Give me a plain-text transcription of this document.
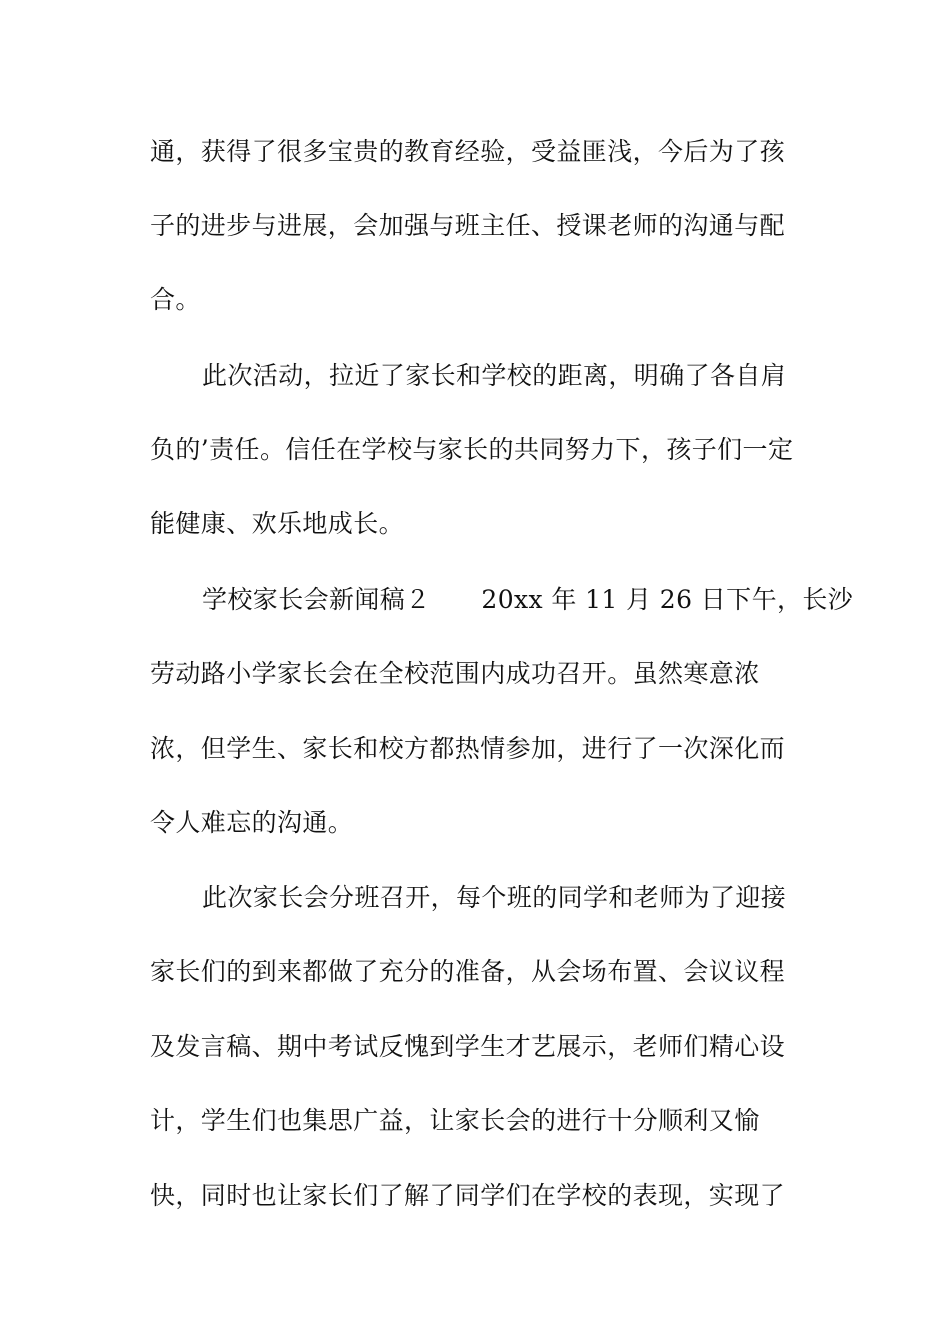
通，获得了很多宝贵的教育经验，受益匪浅，今后为了孩
子的进步与进展，会加强与班主任、授课老师的沟通与配
合。
此次活动，拉近了家长和学校的距离，明确了各自肩
负的’责任。信任在学校与家长的共同努力下，孩子们一定
能健康、欢乐地成长。
学校家长会新闻稿２　　20xx 年 11 月 26 日下午，长沙
劳动路小学家长会在全校范围内成功召开。虽然寒意浓
浓，但学生、家长和校方都热情参加，进行了一次深化而
令人难忘的沟通。
此次家长会分班召开，每个班的同学和老师为了迎接
家长们的到来都做了充分的准备，从会场布置、会议议程
及发言稿、期中考试反愧到学生才艺展示，老师们精心设
计，学生们也集思广益，让家长会的进行十分顺利又愉
快，同时也让家长们了解了同学们在学校的表现，实现了
